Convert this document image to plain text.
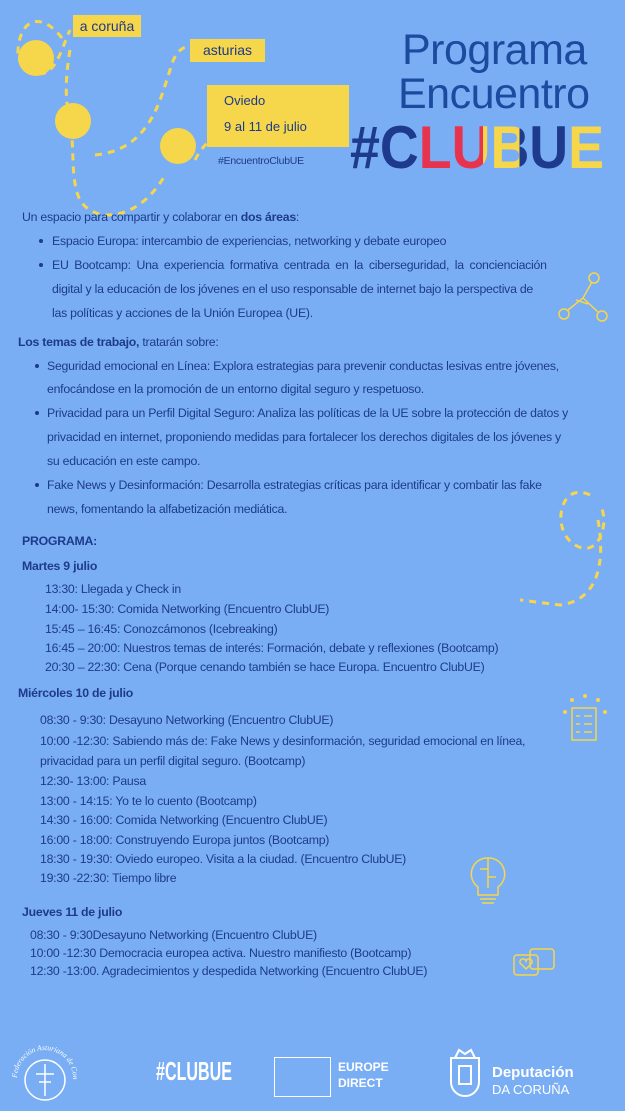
a coruña
asturias
Oviedo
9 al 11 de julio
#EncuentroClubUE
Programa
Encuentro
#CLUBUE
Un espacio para compartir y colaborar en dos áreas:
Espacio Europa: intercambio de experiencias, networking y debate europeo
EU Bootcamp: Una experiencia formativa centrada en la ciberseguridad, la concienciación
digital y la educación de los jóvenes en el uso responsable de internet bajo la perspectiva de
las políticas y acciones de la Unión Europea (UE).
Los temas de trabajo, tratarán sobre:
Seguridad emocional en Línea: Explora estrategias para prevenir conductas lesivas entre jóvenes,
enfocándose en la promoción de un entorno digital seguro y respetuoso.
Privacidad para un Perfil Digital Seguro: Analiza las políticas de la UE sobre la protección de datos y
privacidad en internet, proponiendo medidas para fortalecer los derechos digitales de los jóvenes y
su educación en este campo.
Fake News y Desinformación: Desarrolla estrategias críticas para identificar y combatir las fake
news, fomentando la alfabetización mediática.
PROGRAMA:
Martes 9 julio
13:30: Llegada y Check in
14:00- 15:30: Comida Networking (Encuentro ClubUE)
15:45 – 16:45: Conozcámonos (Icebreaking)
16:45 – 20:00: Nuestros temas de interés: Formación, debate y reflexiones (Bootcamp)
20:30 – 22:30: Cena (Porque cenando también se hace Europa. Encuentro ClubUE)
Miércoles 10 de julio
08:30 - 9:30: Desayuno Networking (Encuentro ClubUE)
10:00 -12:30: Sabiendo más de: Fake News y desinformación, seguridad emocional en línea,
privacidad para un perfil digital seguro. (Bootcamp)
12:30- 13:00: Pausa
13:00 - 14:15: Yo te lo cuento (Bootcamp)
14:30 - 16:00: Comida Networking (Encuentro ClubUE)
16:00 - 18:00: Construyendo Europa juntos (Bootcamp)
18:30 - 19:30: Oviedo europeo. Visita a la ciudad. (Encuentro ClubUE)
19:30 -22:30: Tiempo libre
Jueves 11 de julio
08:30 - 9:30Desayuno Networking (Encuentro ClubUE)
10:00 -12:30 Democracia europea activa. Nuestro manifiesto (Bootcamp)
12:30 -13:00. Agradecimientos y despedida Networking (Encuentro ClubUE)
Federación Asturiana de Con	#CLUBUE	EUROPE
DIRECT
Deputación
DA CORUÑA
